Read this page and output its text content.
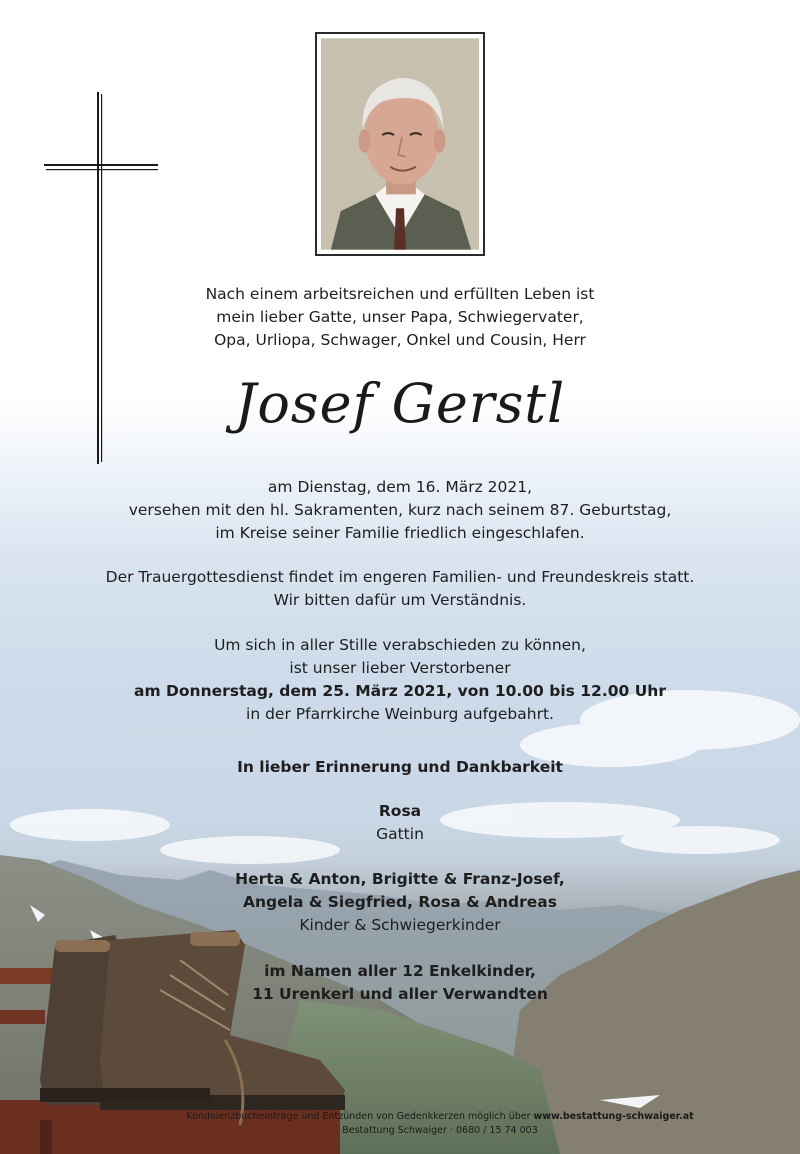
Nach einem arbeitsreichen und erfüllten Leben ist

mein lieber Gatte, unser Papa, Schwiegervater,

Opa, Urliopa, Schwager, Onkel und Cousin, Herr

Josef Gerstl

am Dienstag, dem 16. März 2021,

versehen mit den hl. Sakramenten, kurz nach seinem 87. Geburtstag,

im Kreise seiner Familie friedlich eingeschlafen.

Der Trauergottesdienst findet im engeren Familien- und Freundeskreis statt.

Wir bitten dafür um Verständnis.

Um sich in aller Stille verabschieden zu können,

ist unser lieber Verstorbener

am Donnerstag, dem 25. März 2021, von 10.00 bis 12.00 Uhr

in der Pfarrkirche Weinburg aufgebahrt.

In lieber Erinnerung und Dankbarkeit

Rosa

Gattin

Herta & Anton, Brigitte & Franz-Josef,

Angela & Siegfried, Rosa & Andreas

Kinder & Schwiegerkinder

im Namen aller 12 Enkelkinder,

11 Urenkerl und aller Verwandten

Kondolenzbucheinträge und Entzünden von Gedenkkerzen möglich über www.bestattung-schwaiger.at

Bestattung Schwaiger · 0680 / 15 74 003
